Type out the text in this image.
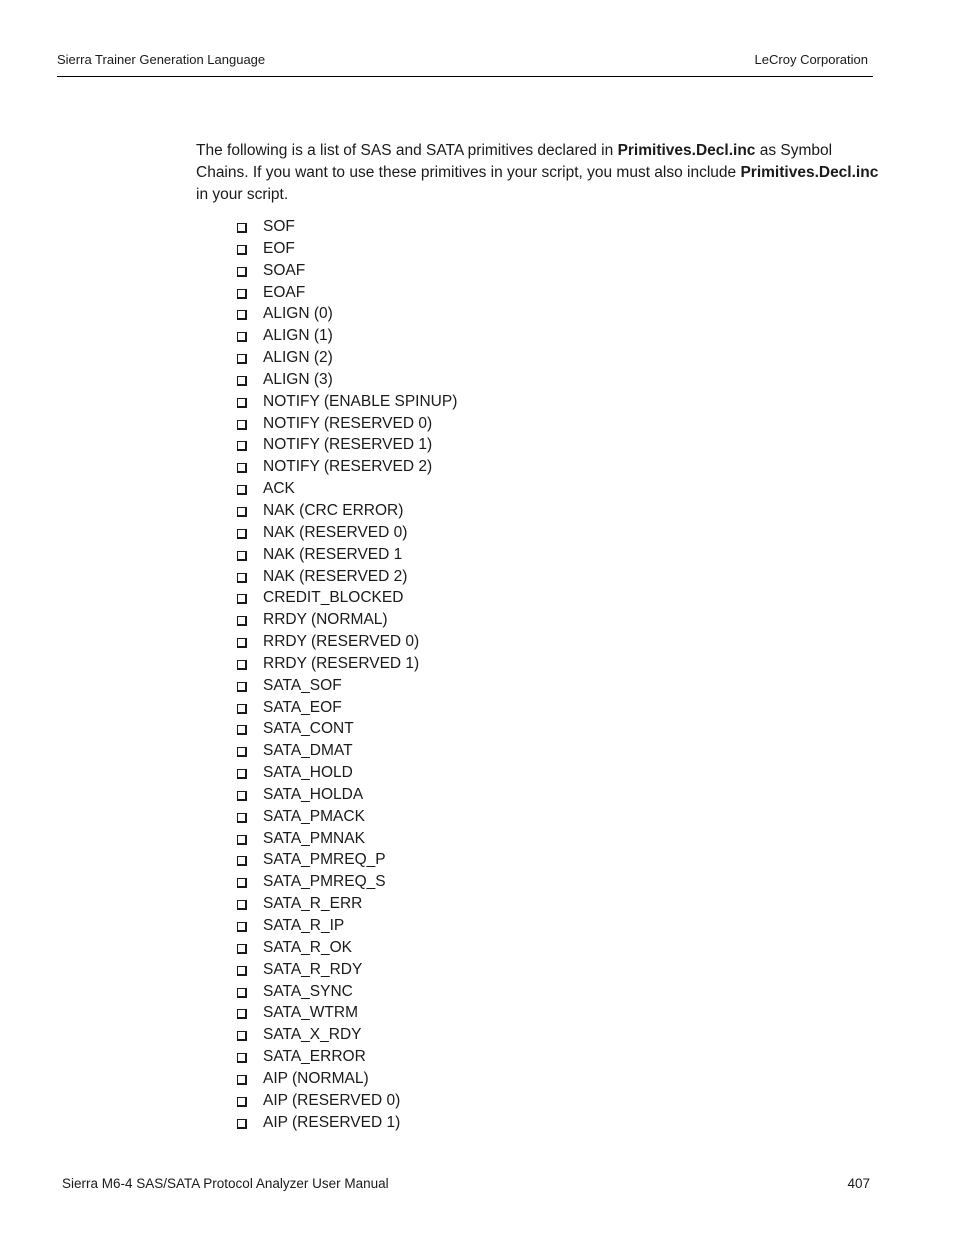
Sierra Trainer Generation Language	LeCroy Corporation

The following is a list of SAS and SATA primitives declared in Primitives.Decl.inc as Symbol Chains. If you want to use these primitives in your script, you must also include Primitives.Decl.inc in your script.

SOF
EOF
SOAF
EOAF
ALIGN (0)
ALIGN (1)
ALIGN (2)
ALIGN (3)
NOTIFY (ENABLE SPINUP)
NOTIFY (RESERVED 0)
NOTIFY (RESERVED 1)
NOTIFY (RESERVED 2)
ACK
NAK (CRC ERROR)
NAK (RESERVED 0)
NAK (RESERVED 1
NAK (RESERVED 2)
CREDIT_BLOCKED
RRDY (NORMAL)
RRDY (RESERVED 0)
RRDY (RESERVED 1)
SATA_SOF
SATA_EOF
SATA_CONT
SATA_DMAT
SATA_HOLD
SATA_HOLDA
SATA_PMACK
SATA_PMNAK
SATA_PMREQ_P
SATA_PMREQ_S
SATA_R_ERR
SATA_R_IP
SATA_R_OK
SATA_R_RDY
SATA_SYNC
SATA_WTRM
SATA_X_RDY
SATA_ERROR
AIP (NORMAL)
AIP (RESERVED 0)
AIP (RESERVED 1)
Sierra M6-4 SAS/SATA Protocol Analyzer User Manual	407
